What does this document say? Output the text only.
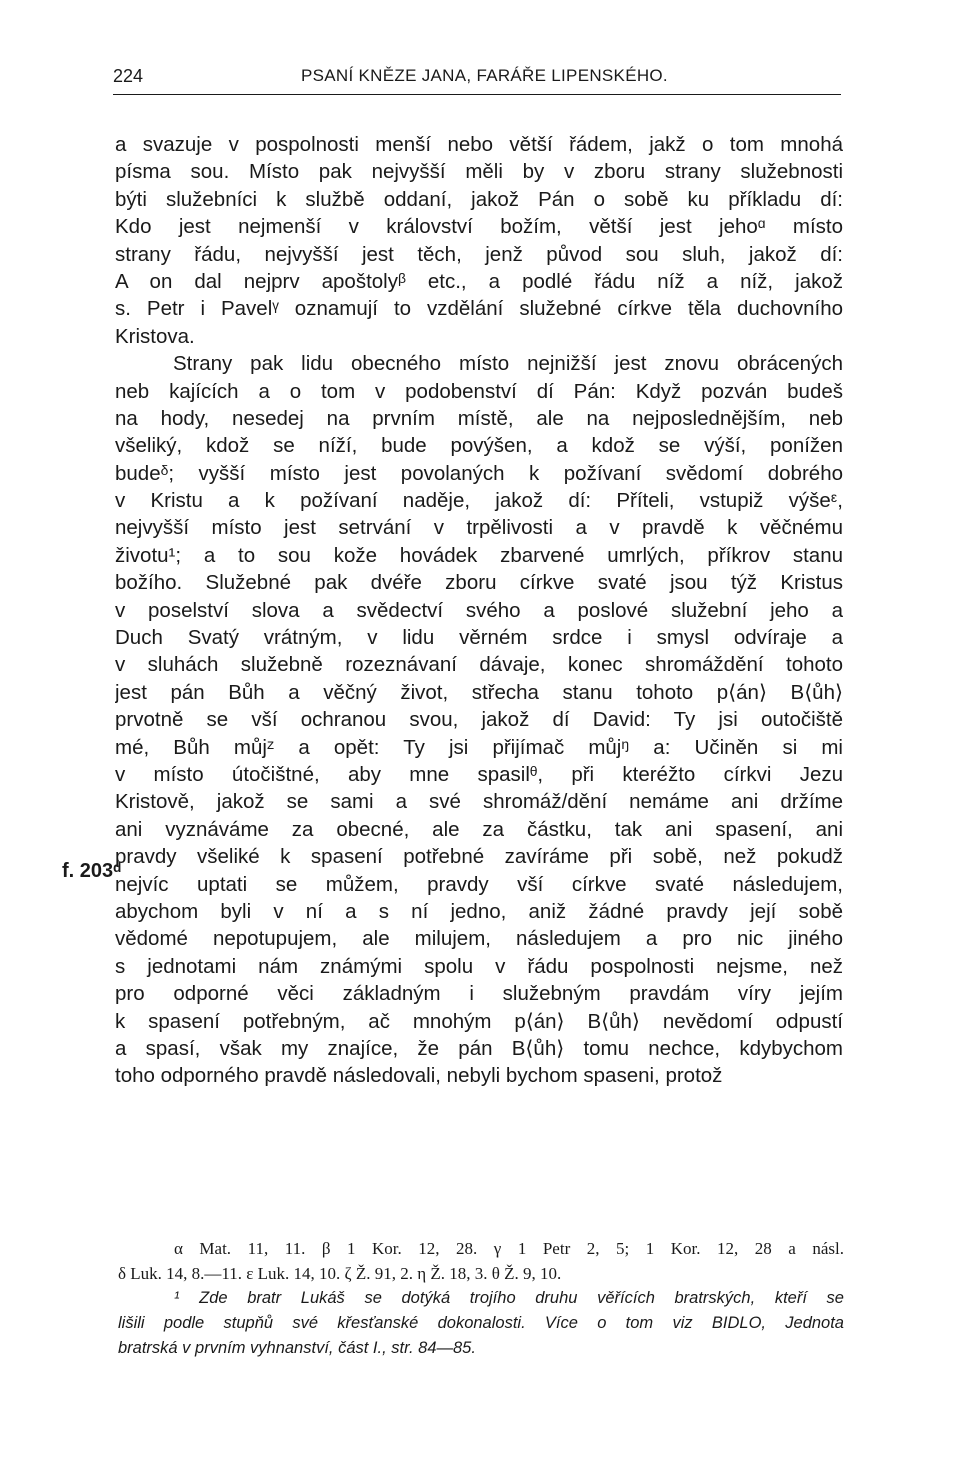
224	PSANÍ KNĚZE JANA, FARÁŘE LIPENSKÉHO.
f. 203ᵈ
a svazuje v pospolnosti menší nebo větší řádem, jakž o tom mnohá
písma sou. Místo pak nejvyšší měli by v zboru strany služebnosti
býti služebníci k službě oddaní, jakož Pán o sobě ku příkladu dí:
Kdo jest nejmenší v království božím, větší jest jehoᵅ místo
strany řádu, nejvyšší jest těch, jenž původ sou sluh, jakož dí:
A on dal nejprv apoštolyᵝ etc., a podlé řádu níž a níž, jakož
s. Petr i Pavelᵞ oznamují to vzdělání služebné církve těla duchovního
Kristova.
Strany pak lidu obecného místo nejnižší jest znovu obrácených
neb kajících a o tom v podobenství dí Pán: Když pozván budeš
na hody, nesedej na prvním místě, ale na nejposlednějším, neb
všeliký, kdož se níží, bude povýšen, a kdož se výší, ponížen
budeᵟ; vyšší místo jest povolaných k požívaní svědomí dobrého
v Kristu a k požívaní naděje, jakož dí: Příteli, vstupiž výšeᵋ,
nejvyšší místo jest setrvání v trpělivosti a v pravdě k věčnému
životu¹; a to sou kože hovádek zbarvené umrlých, příkrov stanu
božího. Služebné pak dvéře zboru církve svaté jsou týž Kristus
v poselství slova a svědectví svého a poslové služební jeho a
Duch Svatý vrátným, v lidu věrném srdce i smysl odvíraje a
v sluhách služebně rozeznávaní dávaje, konec shromáždění tohoto
jest pán Bůh a věčný život, střecha stanu tohoto p⟨án⟩ B⟨ůh⟩
prvotně se vší ochranou svou, jakož dí David: Ty jsi outočiště
mé, Bůh můjᶻ a opět: Ty jsi přijímač můjᵑ a: Učiněn si mi
v místo útočištné, aby mne spasilᶿ, při kteréžto církvi Jezu
Kristově, jakož se sami a své shromáž/dění nemáme ani držíme
ani vyznáváme za obecné, ale za částku, tak ani spasení, ani
pravdy všeliké k spasení potřebné zavíráme při sobě, než pokudž
nejvíc uptati se můžem, pravdy vší církve svaté následujem,
abychom byli v ní a s ní jedno, aniž žádné pravdy její sobě
vědomé nepotupujem, ale milujem, následujem a pro nic jiného
s jednotami nám známými spolu v řádu pospolnosti nejsme, než
pro odporné věci základným i služebným pravdám víry jejím
k spasení potřebným, ač mnohým p⟨án⟩ B⟨ůh⟩ nevědomí odpustí
a spasí, však my znajíce, že pán B⟨ůh⟩ tomu nechce, kdybychom
toho odporného pravdě následovali, nebyli bychom spaseni, protož
α Mat. 11, 11. β 1 Kor. 12, 28. γ 1 Petr 2, 5; 1 Kor. 12, 28 a násl.
δ Luk. 14, 8.—11. ε Luk. 14, 10. ζ Ž. 91, 2. η Ž. 18, 3. θ Ž. 9, 10.
¹ Zde bratr Lukáš se dotýká trojího druhu věřících bratrských, kteří se
lišili podle stupňů své křesťanské dokonalosti. Více o tom viz BIDLO, Jednota
bratrská v prvním vyhnanství, část I., str. 84—85.
